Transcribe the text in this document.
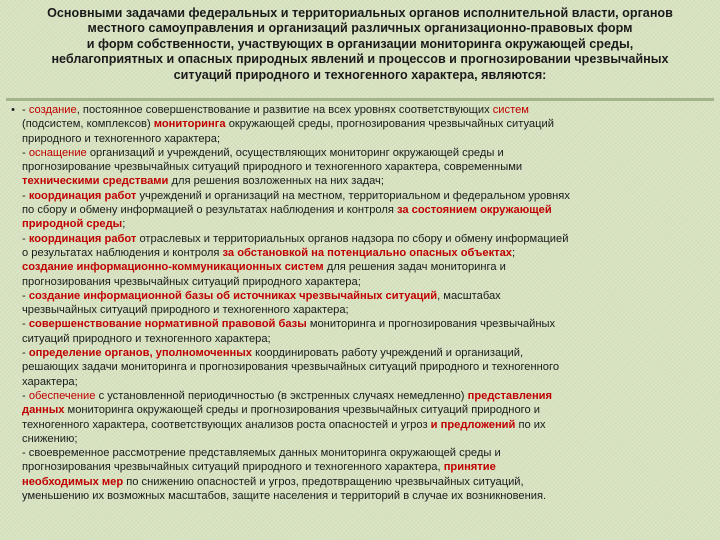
Основными задачами федеральных и территориальных органов исполнительной власти, органов
местного самоуправления и организаций различных организационно-правовых форм
и форм собственности, участвующих в организации мониторинга окружающей среды,
неблагоприятных и опасных природных явлений и процессов и прогнозировании чрезвычайных
ситуаций природного и техногенного характера, являются:
• - создание, постоянное совершенствование и развитие на всех уровнях соответствующих систем
(подсистем, комплексов) мониторинга окружающей среды, прогнозирования чрезвычайных ситуаций
природного и техногенного характера;
- оснащение организаций и учреждений, осуществляющих мониторинг окружающей среды и
прогнозирование чрезвычайных ситуаций природного и техногенного характера, современными
техническими средствами для решения возложенных на них задач;
- координация работ учреждений и организаций на местном, территориальном и федеральном уровнях
по сбору и обмену информацией о результатах наблюдения и контроля за состоянием окружающей
природной среды;
- координация работ отраслевых и территориальных органов надзора по сбору и обмену информацией
о результатах наблюдения и контроля за обстановкой на потенциально опасных объектах;
создание информационно-коммуникационных систем для решения задач мониторинга и
прогнозирования чрезвычайных ситуаций природного характера;
- создание информационной базы об источниках чрезвычайных ситуаций, масштабах
чрезвычайных ситуаций природного и техногенного характера;
- совершенствование нормативной правовой базы мониторинга и прогнозирования чрезвычайных
ситуаций природного и техногенного характера;
- определение органов, уполномоченных координировать работу учреждений и организаций,
решающих задачи мониторинга и прогнозирования чрезвычайных ситуаций природного и техногенного
характера;
- обеспечение с установленной периодичностью (в экстренных случаях немедленно) представления
данных мониторинга окружающей среды и прогнозирования чрезвычайных ситуаций природного и
техногенного характера, соответствующих анализов роста опасностей и угроз и предложений по их
снижению;
- своевременное рассмотрение представляемых данных мониторинга окружающей среды и
прогнозирования чрезвычайных ситуаций природного и техногенного характера, принятие
необходимых мер по снижению опасностей и угроз, предотвращению чрезвычайных ситуаций,
уменьшению их возможных масштабов, защите населения и территорий в случае их возникновения.
